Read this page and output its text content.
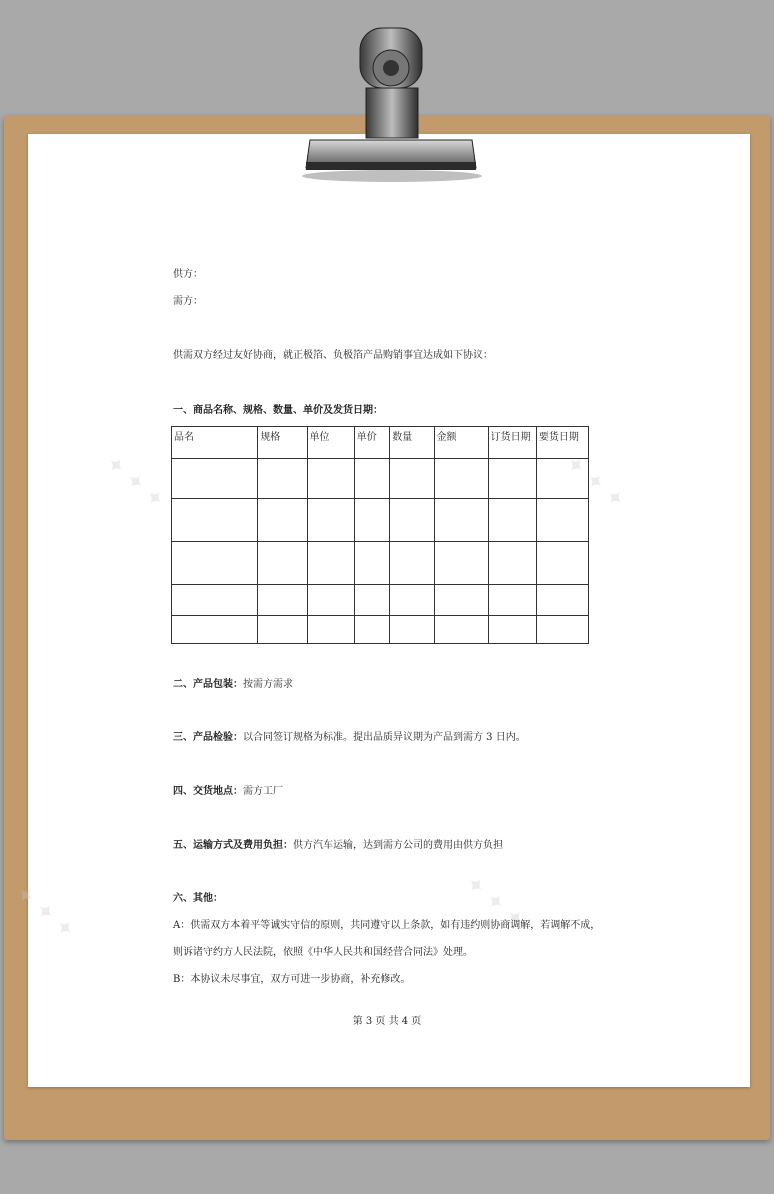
✦ ✦ ✦	✦ ✦ ✦
✦ ✦ ✦	✦ ✦ ✦
供方：
需方：
供需双方经过友好协商，就正极箔、负极箔产品购销事宜达成如下协议：
一、商品名称、规格、数量、单价及发货日期：
品名	规格	单位	单价	数量	金额	订货日期	要货日期

二、产品包装：按需方需求
三、产品检验：以合同签订规格为标准。提出品质异议期为产品到需方 3 日内。
四、交货地点：需方工厂
五、运输方式及费用负担：供方汽车运输，达到需方公司的费用由供方负担
六、其他：
A：供需双方本着平等诚实守信的原则，共同遵守以上条款，如有违约则协商调解，若调解不成，
则诉诸守约方人民法院，依照《中华人民共和国经营合同法》处理。
B：本协议未尽事宜，双方可进一步协商，补充修改。
第 3 页 共 4 页
